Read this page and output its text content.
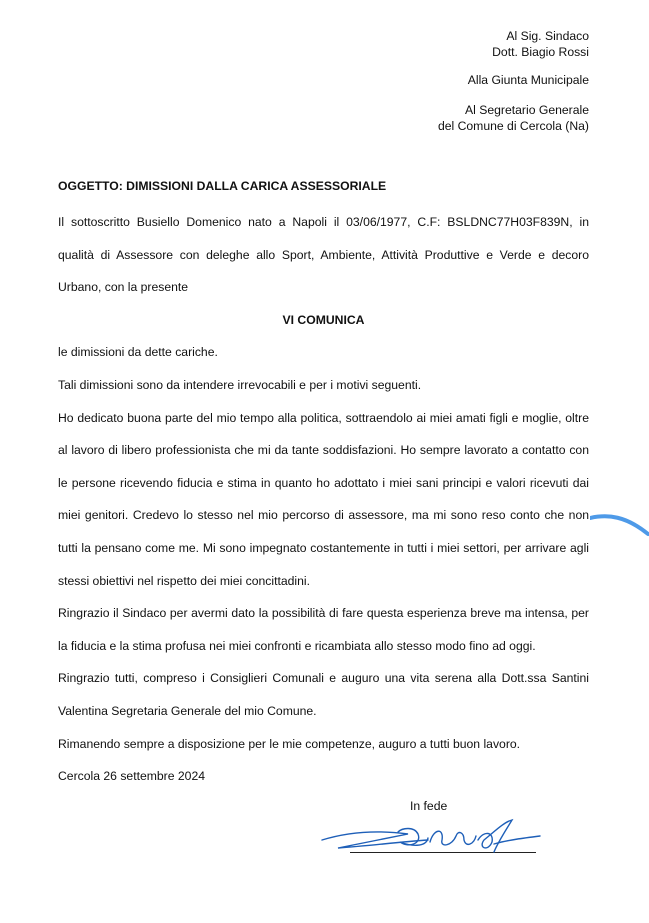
Al Sig. Sindaco
Dott. Biagio Rossi
Alla Giunta Municipale
Al Segretario Generale
del Comune di Cercola (Na)
OGGETTO: DIMISSIONI DALLA CARICA ASSESSORIALE

Il sottoscritto Busiello Domenico nato a Napoli il 03/06/1977, C.F: BSLDNC77H03F839N, in qualità di Assessore con deleghe allo Sport, Ambiente, Attività Produttive e Verde e decoro Urbano, con la presente

VI COMUNICA

le dimissioni da dette cariche.

Tali dimissioni sono da intendere irrevocabili e per i motivi seguenti.

Ho dedicato buona parte del mio tempo alla politica, sottraendolo ai miei amati figli e moglie, oltre al lavoro di libero professionista che mi da tante soddisfazioni. Ho sempre lavorato a contatto con le persone ricevendo fiducia e stima in quanto ho adottato i miei sani principi e valori ricevuti dai miei genitori. Credevo lo stesso nel mio percorso di assessore, ma mi sono reso conto che non tutti la pensano come me. Mi sono impegnato costantemente in tutti i miei settori, per arrivare agli stessi obiettivi nel rispetto dei miei concittadini.

Ringrazio il Sindaco per avermi dato la possibilità di fare questa esperienza breve ma intensa, per la fiducia e la stima profusa nei miei confronti e ricambiata allo stesso modo fino ad oggi.

Ringrazio tutti, compreso i Consiglieri Comunali e auguro una vita serena alla Dott.ssa Santini Valentina Segretaria Generale del mio Comune.

Rimanendo sempre a disposizione per le mie competenze, auguro a tutti buon lavoro.

Cercola 26 settembre 2024

In fede
